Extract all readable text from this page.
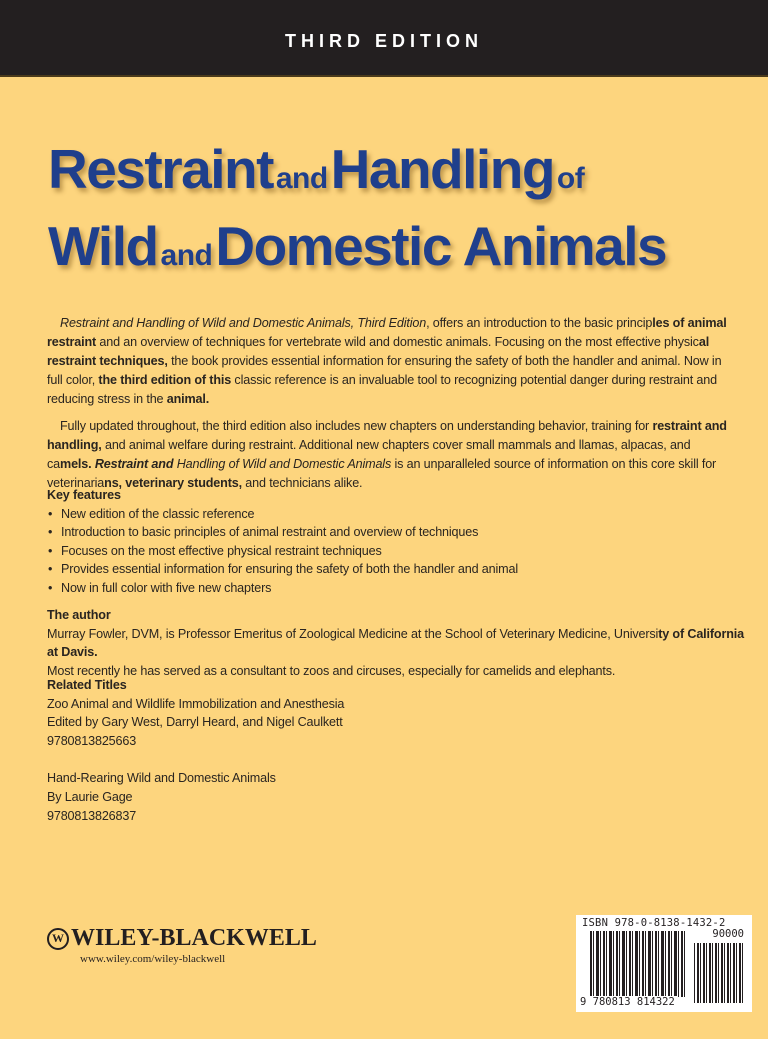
THIRD EDITION
Restraint and Handling of
Wild and Domestic Animals

Restraint and Handling of Wild and Domestic Animals, Third Edition, offers an introduction to the basic principles of animal restraint and an overview of techniques for vertebrate wild and domestic animals. Focusing on the most effective physical restraint techniques, the book provides essential information for ensuring the safety of both the handler and animal. Now in full color, the third edition of this classic reference is an invaluable tool to recognizing potential danger during restraint and reducing stress in the animal.

Fully updated throughout, the third edition also includes new chapters on understanding behavior, training for restraint and handling, and animal welfare during restraint. Additional new chapters cover small mammals and llamas, alpacas, and camels. Restraint and Handling of Wild and Domestic Animals is an unparalleled source of information on this core skill for veterinarians, veterinary students, and technicians alike.

Key features
• New edition of the classic reference
• Introduction to basic principles of animal restraint and overview of techniques
• Focuses on the most effective physical restraint techniques
• Provides essential information for ensuring the safety of both the handler and animal
• Now in full color with five new chapters
The author
Murray Fowler, DVM, is Professor Emeritus of Zoological Medicine at the School of Veterinary Medicine, University of California at Davis.
Most recently he has served as a consultant to zoos and circuses, especially for camelids and elephants.
Related Titles
Zoo Animal and Wildlife Immobilization and Anesthesia
Edited by Gary West, Darryl Heard, and Nigel Caulkett
9780813825663
Hand-Rearing Wild and Domestic Animals
By Laurie Gage
9780813826837
W WILEY-BLACKWELL
www.wiley.com/wiley-blackwell
ISBN 978-0-8138-1432-2
90000
9 780813 814322
